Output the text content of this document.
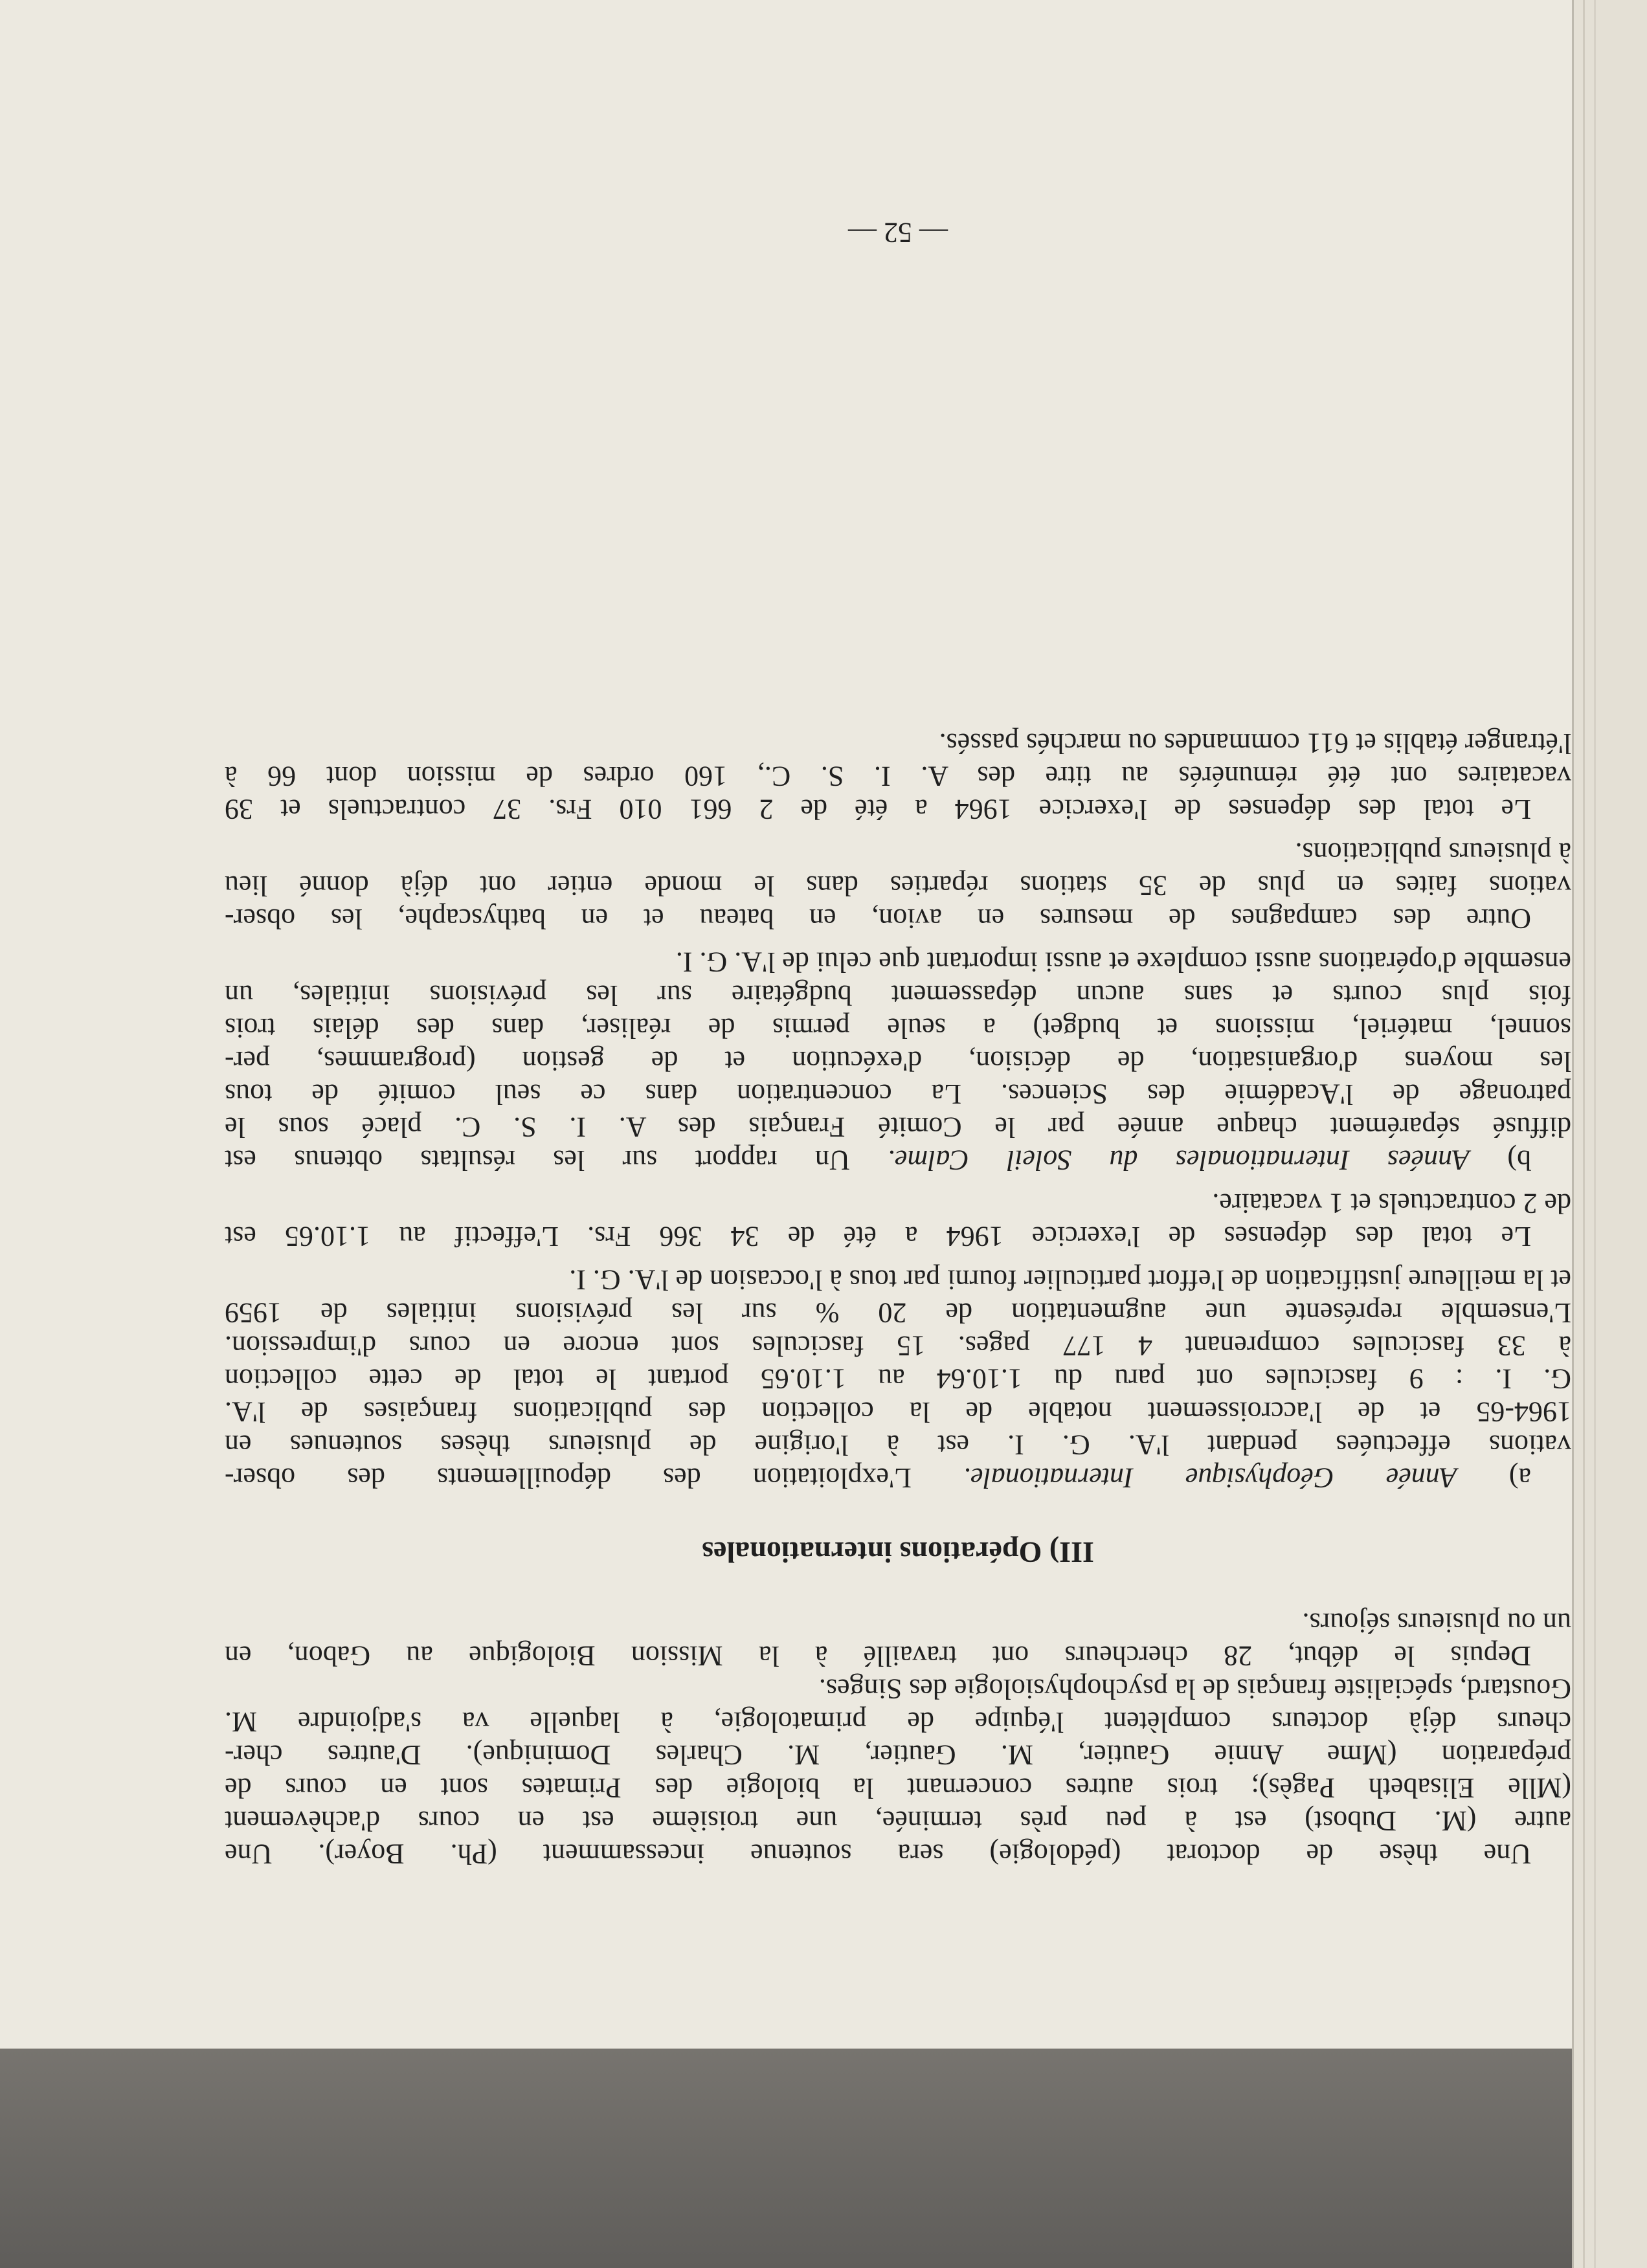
Une thèse de doctorat (pédologie) sera soutenue incessamment (Ph. Boyer). Une
autre (M. Dubost) est à peu près terminée, une troisième est en cours d'achèvement
(Mlle Elisabeth Pagès); trois autres concernant la biologie des Primates sont en cours de
préparation (Mme Annie Gautier, M. Gautier, M. Charles Dominique). D'autres cher-
cheurs déjà docteurs complètent l'équipe de primatologie, à laquelle va s'adjoindre M.
Goustard, spécialiste français de la psychophysiologie des Singes.
Depuis le début, 28 chercheurs ont travaillé à la Mission Biologique au Gabon, en
un ou plusieurs séjours.
III) Opérations internationales
a) Année Géophysique Internationale. L'exploitation des dépouillements des obser-
vations effectuées pendant l'A. G. I. est à l'origine de plusieurs thèses soutenues en
1964-65 et de l'accroissement notable de la collection des publications françaises de l'A.
G. I. : 9 fascicules ont paru du 1.10.64 au 1.10.65 portant le total de cette collection
à 33 fascicules comprenant 4 177 pages. 15 fascicules sont encore en cours d'impression.
L'ensemble représente une augmentation de 20 % sur les prévisions initiales de 1959
et la meilleure justification de l'effort particulier fourni par tous à l'occasion de l'A. G. I.
Le total des dépenses de l'exercice 1964 a été de 34 366 Frs. L'effectif au 1.10.65 est
de 2 contractuels et 1 vacataire.
b) Années Internationales du Soleil Calme. Un rapport sur les résultats obtenus est
diffusé séparément chaque année par le Comité Français des A. I. S. C. placé sous le
patronage de l'Académie des Sciences. La concentration dans ce seul comité de tous
les moyens d'organisation, de décision, d'exécution et de gestion (programmes, per-
sonnel, matériel, missions et budget) a seule permis de réaliser, dans des délais trois
fois plus courts et sans aucun dépassement budgétaire sur les prévisions initiales, un
ensemble d'opérations aussi complexe et aussi important que celui de l'A. G. I.
Outre des campagnes de mesures en avion, en bateau et en bathyscaphe, les obser-
vations faites en plus de 35 stations réparties dans le monde entier ont déjà donné lieu
à plusieurs publications.
Le total des dépenses de l'exercice 1964 a été de 2 661 010 Frs. 37 contractuels et 39
vacataires ont été rémunérés au titre des A. I. S. C., 160 ordres de mission dont 66 à
l'étranger établis et 611 commandes ou marchés passés.
— 52 —
